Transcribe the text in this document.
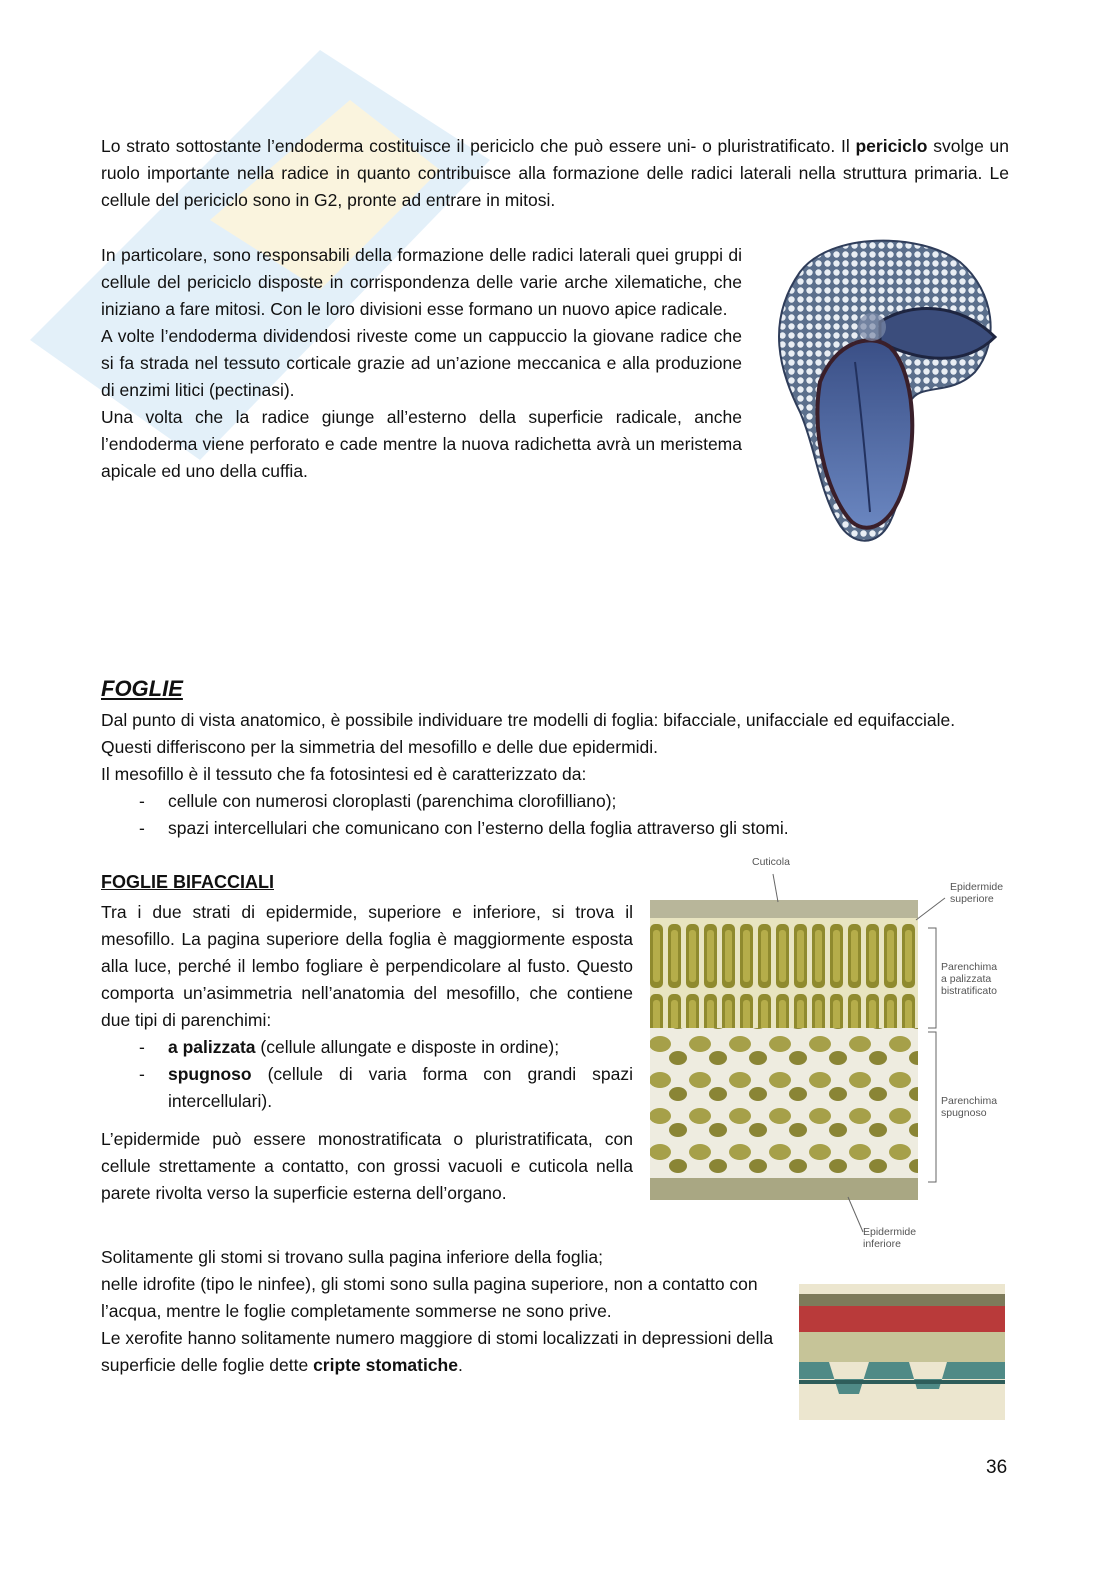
Lo strato sottostante l’endoderma costituisce il periciclo che può essere uni- o pluristratificato. Il periciclo svolge un ruolo importante nella radice in quanto contribuisce alla formazione delle radici laterali nella struttura primaria. Le cellule del periciclo sono in G2, pronte ad entrare in mitosi.

In particolare, sono responsabili della formazione delle radici laterali quei gruppi di cellule del periciclo disposte in corrispondenza delle varie arche xilematiche, che iniziano a fare mitosi. Con le loro divisioni esse formano un nuovo apice radicale.

A volte l’endoderma dividendosi riveste come un cappuccio la giovane radice che si fa strada nel tessuto corticale grazie ad un’azione meccanica e alla produzione di enzimi litici (pectinasi).

Una volta che la radice giunge all’esterno della superficie radicale, anche l’endoderma viene perforato e cade mentre la nuova radichetta avrà un meristema apicale ed uno della cuffia.

FOGLIE

Dal punto di vista anatomico, è possibile individuare tre modelli di foglia: bifacciale, unifacciale ed equifacciale.

Questi differiscono per la simmetria del mesofillo e delle due epidermidi.

Il mesofillo è il tessuto che fa fotosintesi ed è caratterizzato da:

- cellule con numerosi cloroplasti (parenchima clorofilliano);
- spazi intercellulari che comunicano con l’esterno della foglia attraverso gli stomi.
FOGLIE BIFACCIALI

Tra i due strati di epidermide, superiore e inferiore, si trova il mesofillo. La pagina superiore della foglia è maggiormente esposta alla luce, perché il lembo fogliare è perpendicolare al fusto. Questo comporta un’asimmetria nell’anatomia del mesofillo, che contiene due tipi di parenchimi:

- a palizzata (cellule allungate e disposte in ordine);
- spugnoso (cellule di varia forma con grandi spazi intercellulari).

L’epidermide può essere monostratificata o pluristratificata, con cellule strettamente a contatto, con grossi vacuoli e cuticola nella parete rivolta verso la superficie esterna dell’organo.

Cuticola
Epidermide
superiore
Parenchima
a palizzata
bistratificato
Parenchima
spugnoso
Epidermide
inferiore

Solitamente gli stomi si trovano sulla pagina inferiore della foglia;

nelle idrofite (tipo le ninfee), gli stomi sono sulla pagina superiore, non a contatto con l’acqua, mentre le foglie completamente sommerse ne sono prive.

Le xerofite hanno solitamente numero maggiore di stomi localizzati in depressioni della superficie delle foglie dette cripte stomatiche.

36
